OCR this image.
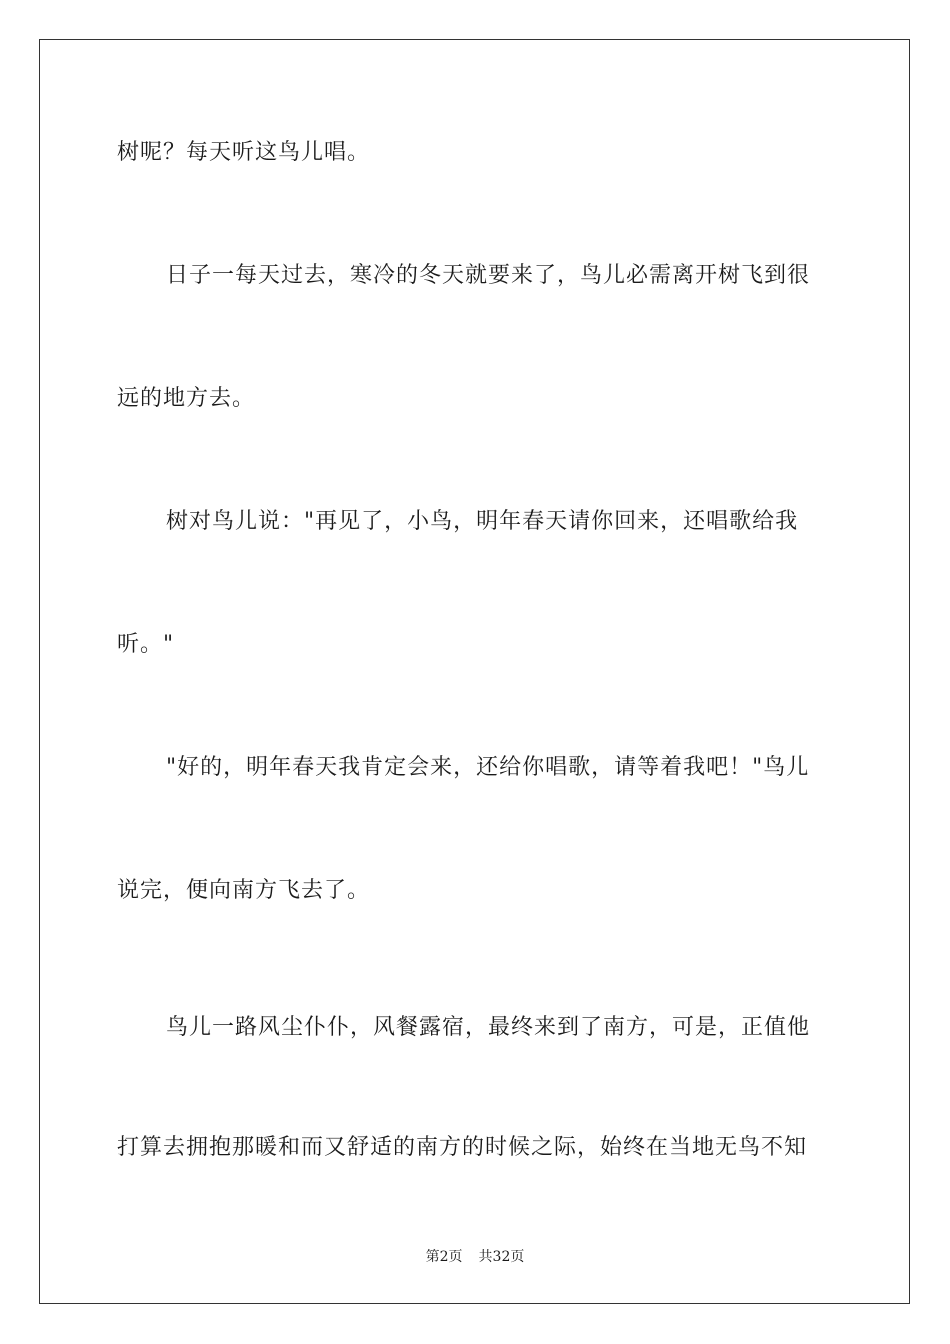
树呢？每天听这鸟儿唱。
日子一每天过去，寒冷的冬天就要来了，鸟儿必需离开树飞到很
远的地方去。
树对鸟儿说："再见了，小鸟，明年春天请你回来，还唱歌给我
听。"
"好的，明年春天我肯定会来，还给你唱歌，请等着我吧！"鸟儿
说完，便向南方飞去了。
鸟儿一路风尘仆仆，风餐露宿，最终来到了南方，可是，正值他
打算去拥抱那暖和而又舒适的南方的时候之际，始终在当地无鸟不知
第2页 共32页
